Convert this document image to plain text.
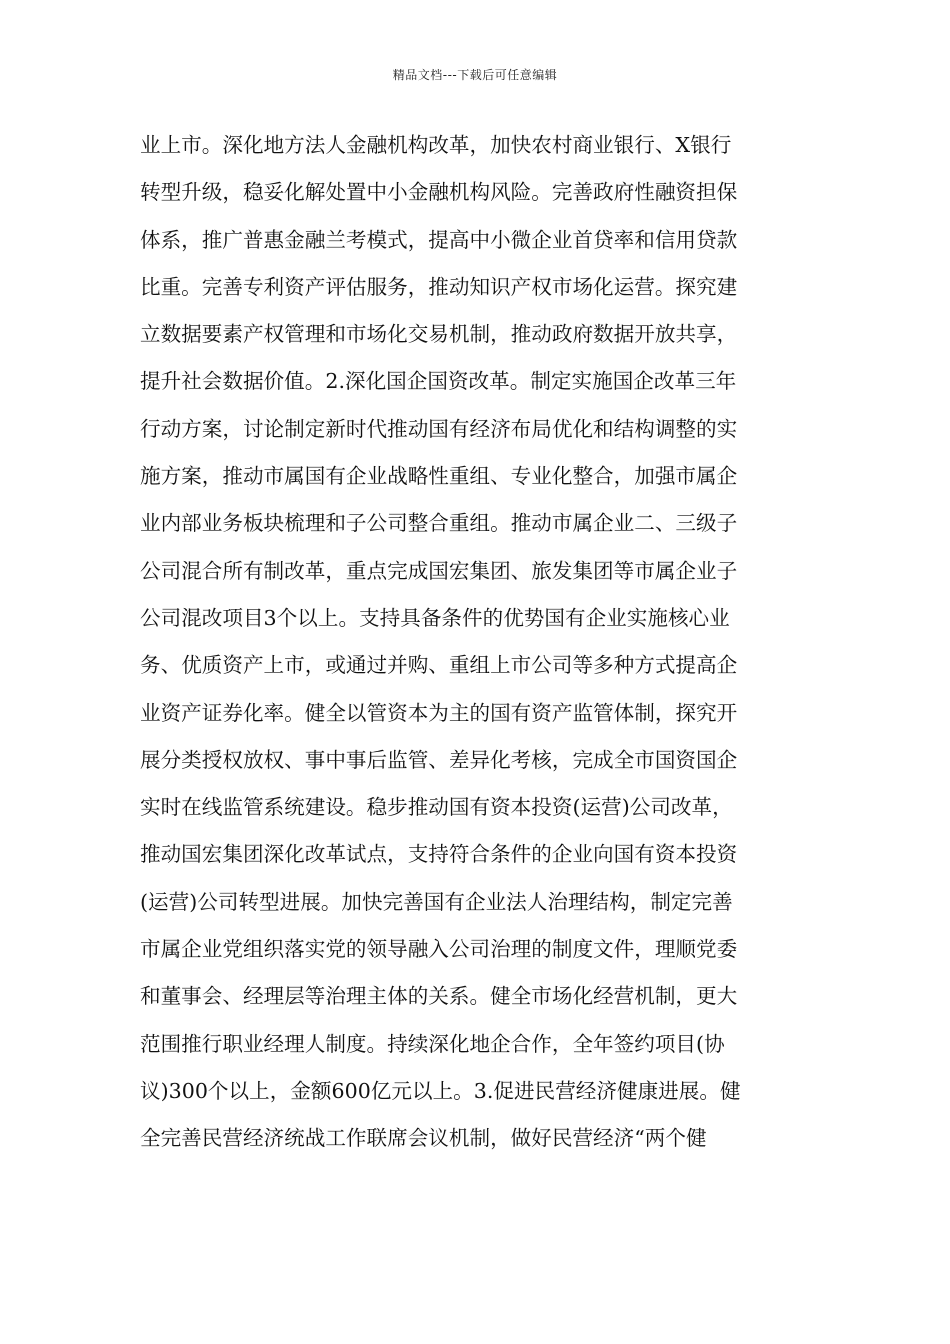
精品文档---下载后可任意编辑
业上市。深化地方法人金融机构改革，加快农村商业银行、X银行
转型升级，稳妥化解处置中小金融机构风险。完善政府性融资担保
体系，推广普惠金融兰考模式，提高中小微企业首贷率和信用贷款
比重。完善专利资产评估服务，推动知识产权市场化运营。探究建
立数据要素产权管理和市场化交易机制，推动政府数据开放共享，
提升社会数据价值。2.深化国企国资改革。制定实施国企改革三年
行动方案，讨论制定新时代推动国有经济布局优化和结构调整的实
施方案，推动市属国有企业战略性重组、专业化整合，加强市属企
业内部业务板块梳理和子公司整合重组。推动市属企业二、三级子
公司混合所有制改革，重点完成国宏集团、旅发集团等市属企业子
公司混改项目3个以上。支持具备条件的优势国有企业实施核心业
务、优质资产上市，或通过并购、重组上市公司等多种方式提高企
业资产证券化率。健全以管资本为主的国有资产监管体制，探究开
展分类授权放权、事中事后监管、差异化考核，完成全市国资国企
实时在线监管系统建设。稳步推动国有资本投资(运营)公司改革，
推动国宏集团深化改革试点，支持符合条件的企业向国有资本投资
(运营)公司转型进展。加快完善国有企业法人治理结构，制定完善
市属企业党组织落实党的领导融入公司治理的制度文件，理顺党委
和董事会、经理层等治理主体的关系。健全市场化经营机制，更大
范围推行职业经理人制度。持续深化地企合作，全年签约项目(协
议)300个以上，金额600亿元以上。3.促进民营经济健康进展。健
全完善民营经济统战工作联席会议机制，做好民营经济“两个健
